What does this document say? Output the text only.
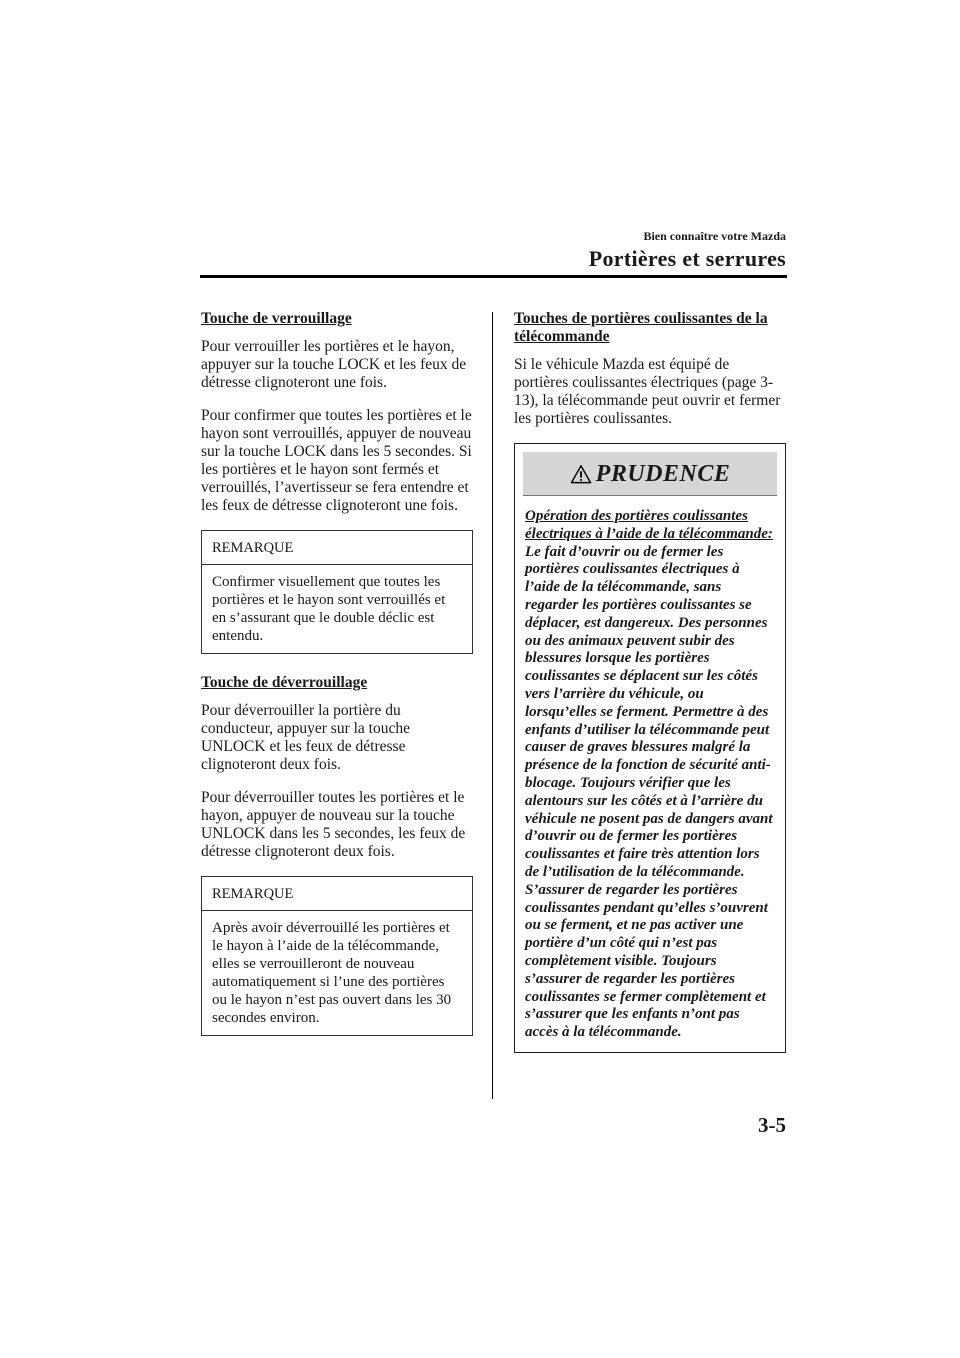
Bien connaître votre Mazda
Portières et serrures
Touche de verrouillage

Pour verrouiller les portières et le hayon, appuyer sur la touche LOCK et les feux de détresse clignoteront une fois.

Pour confirmer que toutes les portières et le hayon sont verrouillés, appuyer de nouveau sur la touche LOCK dans les 5 secondes. Si les portières et le hayon sont fermés et verrouillés, l’avertisseur se fera entendre et les feux de détresse clignoteront une fois.

REMARQUE
Confirmer visuellement que toutes les portières et le hayon sont verrouillés et en s’assurant que le double déclic est entendu.
Touche de déverrouillage

Pour déverrouiller la portière du conducteur, appuyer sur la touche UNLOCK et les feux de détresse clignoteront deux fois.

Pour déverrouiller toutes les portières et le hayon, appuyer de nouveau sur la touche UNLOCK dans les 5 secondes, les feux de détresse clignoteront deux fois.

REMARQUE
Après avoir déverrouillé les portières et le hayon à l’aide de la télécommande, elles se verrouilleront de nouveau automatiquement si l’une des portières ou le hayon n’est pas ouvert dans les 30 secondes environ.
Touches de portières coulissantes de la télécommande

Si le véhicule Mazda est équipé de portières coulissantes électriques (page 3-13), la télécommande peut ouvrir et fermer les portières coulissantes.

PRUDENCE
Opération des portières coulissantes électriques à l’aide de la télécommande:
Le fait d’ouvrir ou de fermer les portières coulissantes électriques à l’aide de la télécommande, sans regarder les portières coulissantes se déplacer, est dangereux. Des personnes ou des animaux peuvent subir des blessures lorsque les portières coulissantes se déplacent sur les côtés vers l’arrière du véhicule, ou lorsqu’elles se ferment. Permettre à des enfants d’utiliser la télécommande peut causer de graves blessures malgré la présence de la fonction de sécurité anti-blocage. Toujours vérifier que les alentours sur les côtés et à l’arrière du véhicule ne posent pas de dangers avant d’ouvrir ou de fermer les portières coulissantes et faire très attention lors de l’utilisation de la télécommande. S’assurer de regarder les portières coulissantes pendant qu’elles s’ouvrent ou se ferment, et ne pas activer une portière d’un côté qui n’est pas complètement visible. Toujours s’assurer de regarder les portières coulissantes se fermer complètement et s’assurer que les enfants n’ont pas accès à la télécommande.
3-5
